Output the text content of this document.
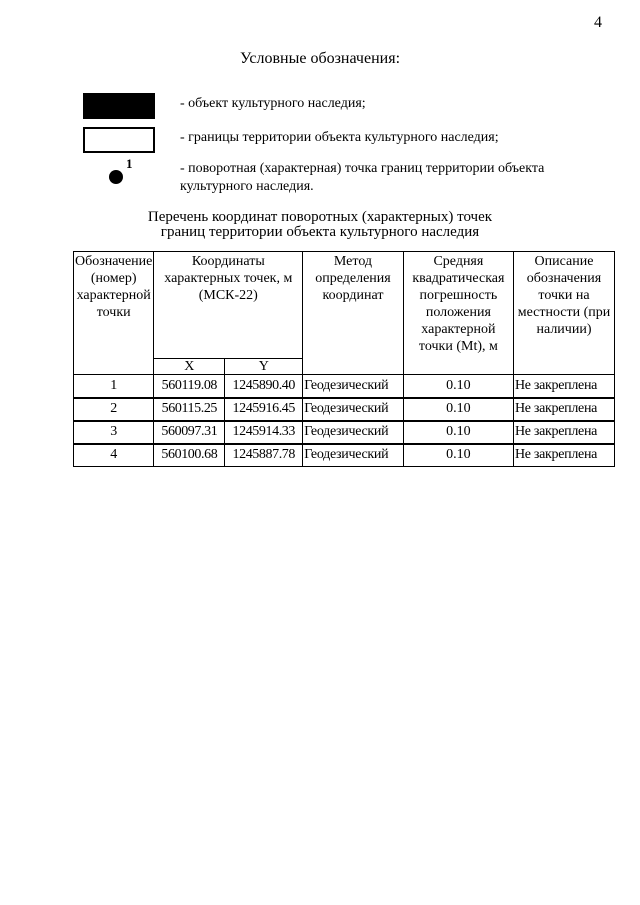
4
Условные обозначения:
- объект культурного наследия;
- границы территории объекта культурного наследия;
1	- поворотная (характерная) точка границ территории объекта культурного наследия.
Перечень координат поворотных (характерных) точек
границ территории объекта культурного наследия
Обозначение (номер) характерной точки	Координаты характерных точек, м (МСК-22)		Метод определения координат	Средняя квадратическая погрешность положения характерной точки (Mt), м	Описание обозначения точки на местности (при наличии)
	X	Y			
1	560119.08	1245890.40	Геодезический	0.10	Не закреплена
2	560115.25	1245916.45	Геодезический	0.10	Не закреплена
3	560097.31	1245914.33	Геодезический	0.10	Не закреплена
4	560100.68	1245887.78	Геодезический	0.10	Не закреплена
